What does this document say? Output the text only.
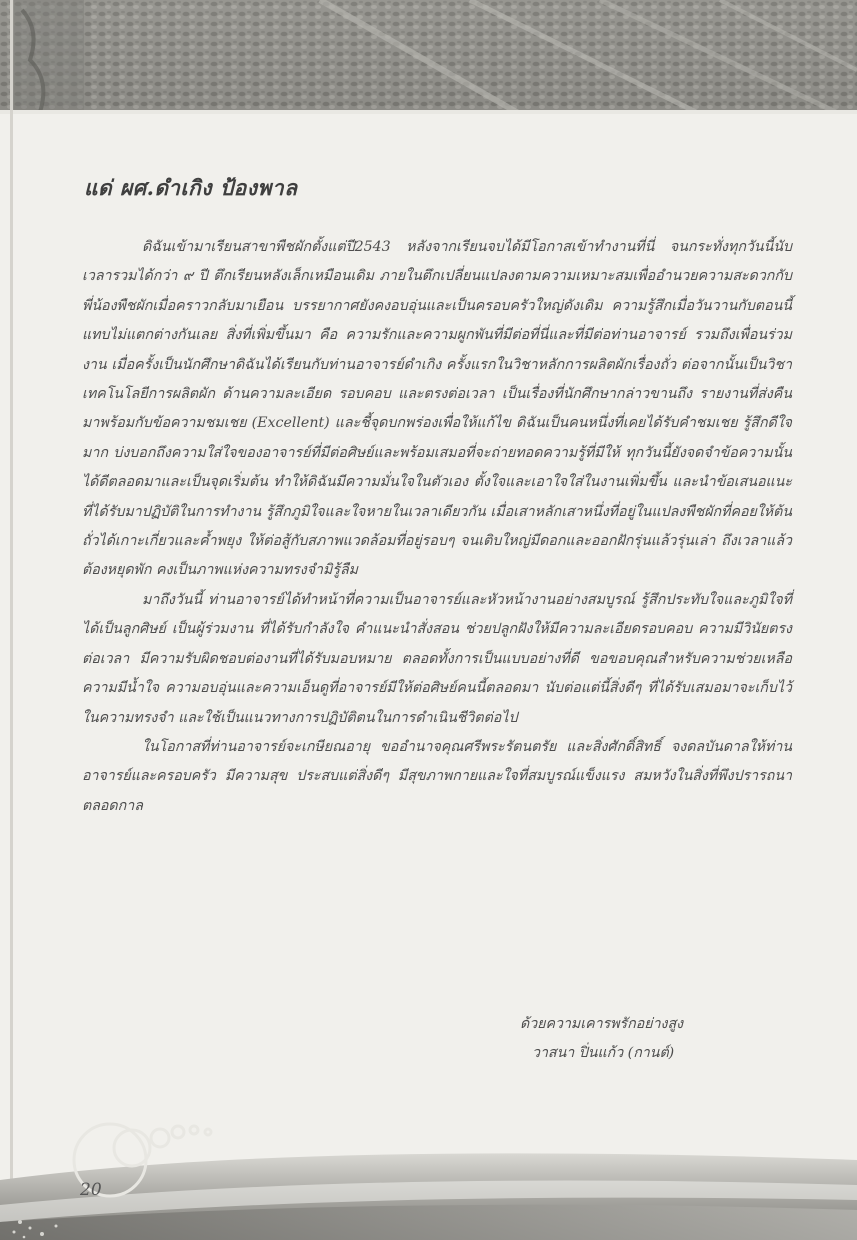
แด่ ผศ.ดำเกิง ป้องพาล

ดิฉันเข้ามาเรียนสาขาพืชผักตั้งแต่ปี2543 หลังจากเรียนจบได้มีโอกาสเข้าทำงานที่นี่ จนกระทั่งทุกวันนี้นับเวลารวมได้กว่า ๙ ปี ตึกเรียนหลังเล็กเหมือนเดิม ภายในตึกเปลี่ยนแปลงตามความเหมาะสมเพื่ออำนวยความสะดวกกับพี่น้องพืชผักเมื่อคราวกลับมาเยือน บรรยากาศยังคงอบอุ่นและเป็นครอบครัวใหญ่ดังเดิม ความรู้สึกเมื่อวันวานกับตอนนี้แทบไม่แตกต่างกันเลย สิ่งที่เพิ่มขึ้นมา คือ ความรักและความผูกพันที่มีต่อที่นี่และที่มีต่อท่านอาจารย์ รวมถึงเพื่อนร่วมงาน เมื่อครั้งเป็นนักศึกษาดิฉันได้เรียนกับท่านอาจารย์ดำเกิง ครั้งแรกในวิชาหลักการผลิตผักเรื่องถั่ว ต่อจากนั้นเป็นวิชาเทคโนโลยีการผลิตผัก ด้านความละเอียด รอบคอบ และตรงต่อเวลา เป็นเรื่องที่นักศึกษากล่าวขานถึง รายงานที่ส่งคืนมาพร้อมกับข้อความชมเชย (Excellent) และชี้จุดบกพร่องเพื่อให้แก้ไข ดิฉันเป็นคนหนึ่งที่เคยได้รับคำชมเชย รู้สึกดีใจมาก บ่งบอกถึงความใส่ใจของอาจารย์ที่มีต่อศิษย์และพร้อมเสมอที่จะถ่ายทอดความรู้ที่มีให้ ทุกวันนี้ยังจดจำข้อความนั้นได้ดีตลอดมาและเป็นจุดเริ่มต้น ทำให้ดิฉันมีความมั่นใจในตัวเอง ตั้งใจและเอาใจใส่ในงานเพิ่มขึ้น และนำข้อเสนอแนะที่ได้รับมาปฏิบัติในการทำงาน รู้สึกภูมิใจและใจหายในเวลาเดียวกัน เมื่อเสาหลักเสาหนึ่งที่อยู่ในแปลงพืชผักที่คอยให้ต้นถั่วได้เกาะเกี่ยวและค้ำพยุง ให้ต่อสู้กับสภาพแวดล้อมที่อยู่รอบๆ จนเติบใหญ่มีดอกและออกฝักรุ่นแล้วรุ่นเล่า ถึงเวลาแล้วต้องหยุดพัก คงเป็นภาพแห่งความทรงจำมิรู้ลืม

มาถึงวันนี้ ท่านอาจารย์ได้ทำหน้าที่ความเป็นอาจารย์และหัวหน้างานอย่างสมบูรณ์ รู้สึกประทับใจและภูมิใจที่ได้เป็นลูกศิษย์ เป็นผู้ร่วมงาน ที่ได้รับกำลังใจ คำแนะนำสั่งสอน ช่วยปลูกฝังให้มีความละเอียดรอบคอบ ความมีวินัยตรงต่อเวลา มีความรับผิดชอบต่องานที่ได้รับมอบหมาย ตลอดทั้งการเป็นแบบอย่างที่ดี ขอขอบคุณสำหรับความช่วยเหลือ ความมีน้ำใจ ความอบอุ่นและความเอ็นดูที่อาจารย์มีให้ต่อศิษย์คนนี้ตลอดมา นับต่อแต่นี้สิ่งดีๆ ที่ได้รับเสมอมาจะเก็บไว้ในความทรงจำ และใช้เป็นแนวทางการปฏิบัติตนในการดำเนินชีวิตต่อไป

ในโอกาสที่ท่านอาจารย์จะเกษียณอายุ ขออำนาจคุณศรีพระรัตนตรัย และสิ่งศักดิ์สิทธิ์ จงดลบันดาลให้ท่านอาจารย์และครอบครัว มีความสุข ประสบแต่สิ่งดีๆ มีสุขภาพกายและใจที่สมบูรณ์แข็งแรง สมหวังในสิ่งที่พึงปรารถนาตลอดกาล

ด้วยความเคารพรักอย่างสูง
วาสนา ปิ่นแก้ว (กานต์)
20
